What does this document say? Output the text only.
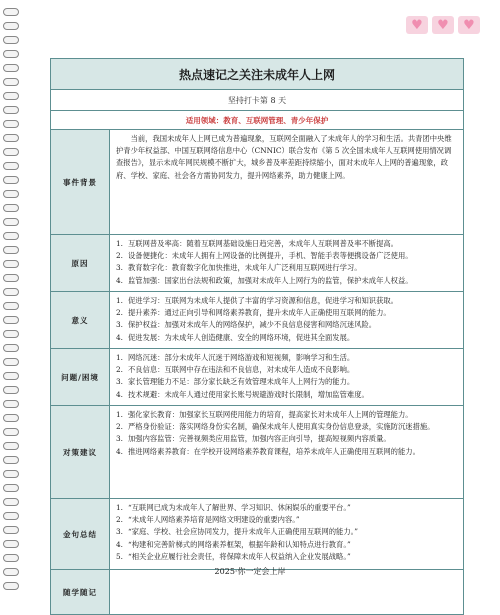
♥ ♥ ♥
热点速记之关注未成年人上网
坚持打卡第 8 天
适用领域：教育、互联网管理、青少年保护
事件背景

当前，我国未成年人上网已成为普遍现象，互联网全面融入了未成年人的学习和生活。共青团中央维护青少年权益部、中国互联网络信息中心（CNNIC）联合发布《第 5 次全国未成年人互联网使用情况调查报告》，显示未成年网民规模不断扩大，城乡普及率差距持续缩小，面对未成年人上网的普遍现象，政府、学校、家庭、社会各方需协同发力，提升网络素养，助力健康上网。

原因
1. 互联网普及率高：随着互联网基础设施日趋完善，未成年人互联网普及率不断提高。
2. 设备便捷化：未成年人拥有上网设备的比例提升，手机、智能手表等便携设备广泛使用。
3. 教育数字化：教育数字化加快推进，未成年人广泛利用互联网进行学习。
4. 监管加强：国家出台法规和政策，加强对未成年人上网行为的监管，保护未成年人权益。
意义
1. 促进学习：互联网为未成年人提供了丰富的学习资源和信息，促进学习和知识获取。
2. 提升素养：通过正向引导和网络素养教育，提升未成年人正确使用互联网的能力。
3. 保护权益：加强对未成年人的网络保护，减少不良信息侵害和网络沉迷风险。
4. 促进发展：为未成年人创造健康、安全的网络环境，促进其全面发展。
问题/困境
1. 网络沉迷：部分未成年人沉迷于网络游戏和短视频，影响学习和生活。
2. 不良信息：互联网中存在违法和不良信息，对未成年人造成不良影响。
3. 家长管理能力不足：部分家长缺乏有效管理未成年人上网行为的能力。
4. 技术规避：未成年人通过使用家长账号规避游戏时长限制，增加监管难度。
对策建议
1. 强化家长教育：加强家长互联网使用能力的培育，提高家长对未成年人上网的管理能力。
2. 严格身份验证：落实网络身份实名制，确保未成年人使用真实身份信息登录，实施防沉迷措施。
3. 加强内容监管：完善视频类应用监管，加强内容正向引导，提高短视频内容质量。
4. 推进网络素养教育：在学校开设网络素养教育课程，培养未成年人正确使用互联网的能力。
金句总结
1. “互联网已成为未成年人了解世界、学习知识、休闲娱乐的重要平台。”
2. “未成年人网络素养培育是网络文明建设的重要内容。”
3. “家庭、学校、社会应协同发力，提升未成年人正确使用互联网的能力。”
4. “构建和完善阶梯式的网络素养框架，根据年龄和认知特点进行教育。”
5. “相关企业应履行社会责任，将保障未成年人权益纳入企业发展战略。”
随学随记
2025·你一定会上岸
